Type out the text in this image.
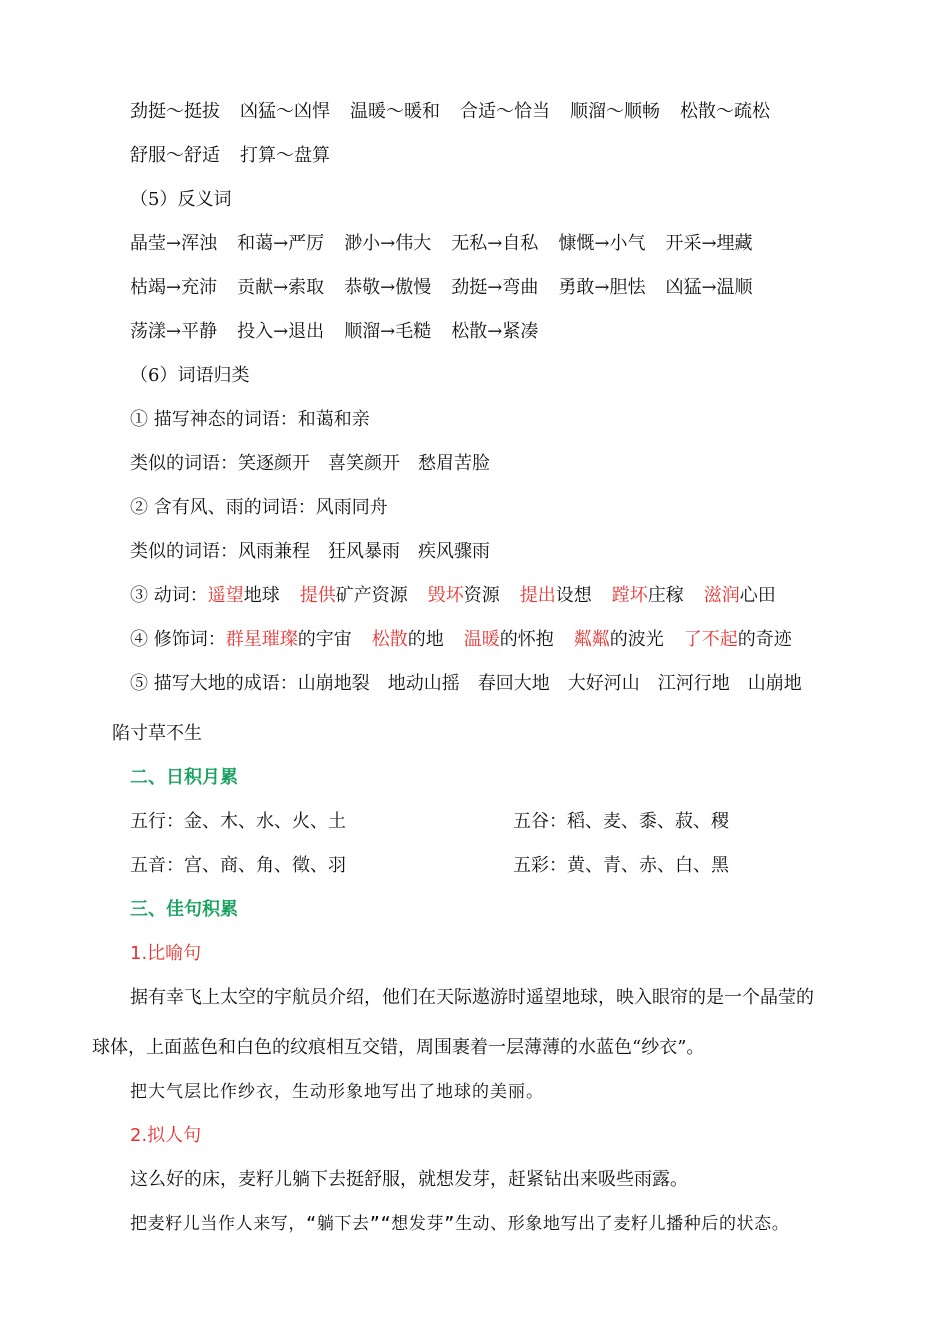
劲挺～挺拔 凶猛～凶悍 温暖～暖和 合适～恰当 顺溜～顺畅 松散～疏松
舒服～舒适 打算～盘算
（5）反义词
晶莹→浑浊 和蔼→严厉 渺小→伟大 无私→自私 慷慨→小气 开采→埋藏
枯竭→充沛 贡献→索取 恭敬→傲慢 劲挺→弯曲 勇敢→胆怯 凶猛→温顺
荡漾→平静 投入→退出 顺溜→毛糙 松散→紧凑
（6）词语归类
① 描写神态的词语：和蔼和亲
类似的词语：笑逐颜开　喜笑颜开　愁眉苦脸
② 含有风、雨的词语：风雨同舟
类似的词语：风雨兼程　狂风暴雨　疾风骤雨
③ 动词：遥望地球 提供矿产资源 毁坏资源 提出设想 蹚坏庄稼 滋润心田
④ 修饰词：群星璀璨的宇宙 松散的地 温暖的怀抱 粼粼的波光 了不起的奇迹
⑤ 描写大地的成语：山崩地裂　地动山摇　春回大地　大好河山　江河行地　山崩地
陷寸草不生
二、日积月累
五行：金、木、水、火、土	五谷：稻、麦、黍、菽、稷
五音：宫、商、角、徵、羽	五彩：黄、青、赤、白、黑
三、佳句积累
1.比喻句
据有幸飞上太空的宇航员介绍，他们在天际遨游时遥望地球，映入眼帘的是一个晶莹的
球体，上面蓝色和白色的纹痕相互交错，周围裹着一层薄薄的水蓝色“纱衣”。
把大气层比作纱衣，生动形象地写出了地球的美丽。
2.拟人句
这么好的床，麦籽儿躺下去挺舒服，就想发芽，赶紧钻出来吸些雨露。
把麦籽儿当作人来写，“躺下去”“想发芽”生动、形象地写出了麦籽儿播种后的状态。
